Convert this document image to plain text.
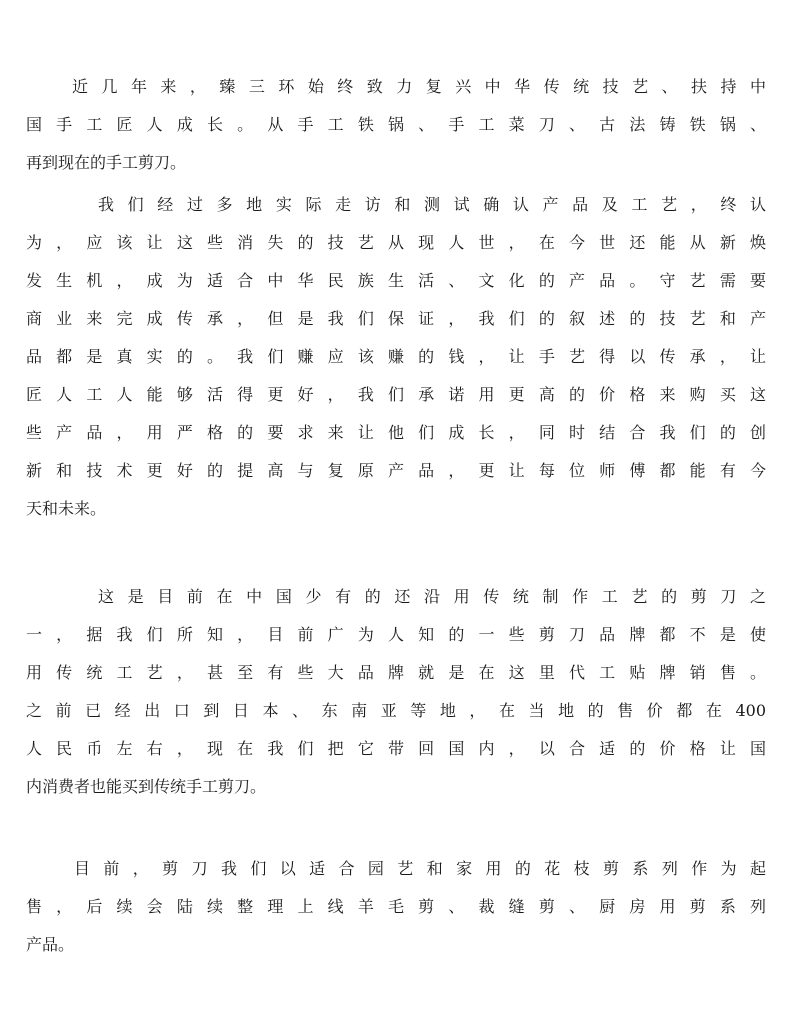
近几年来，臻三环始终致力复兴中华传统技艺、扶持中
国手工匠人成长。从手工铁锅、手工菜刀、古法铸铁锅、
再到现在的手工剪刀。

我们经过多地实际走访和测试确认产品及工艺，终认
为，应该让这些消失的技艺从现人世，在今世还能从新焕
发生机，成为适合中华民族生活、文化的产品。守艺需要
商业来完成传承，但是我们保证，我们的叙述的技艺和产
品都是真实的。我们赚应该赚的钱，让手艺得以传承，让
匠人工人能够活得更好，我们承诺用更高的价格来购买这
些产品，用严格的要求来让他们成长，同时结合我们的创
新和技术更好的提高与复原产品，更让每位师傅都能有今
天和未来。

这是目前在中国少有的还沿用传统制作工艺的剪刀之
一，据我们所知，目前广为人知的一些剪刀品牌都不是使
用传统工艺，甚至有些大品牌就是在这里代工贴牌销售。
之前已经出口到日本、东南亚等地，在当地的售价都在400
人民币左右，现在我们把它带回国内，以合适的价格让国
内消费者也能买到传统手工剪刀。

目前，剪刀我们以适合园艺和家用的花枝剪系列作为起
售，后续会陆续整理上线羊毛剪、裁缝剪、厨房用剪系列
产品。
